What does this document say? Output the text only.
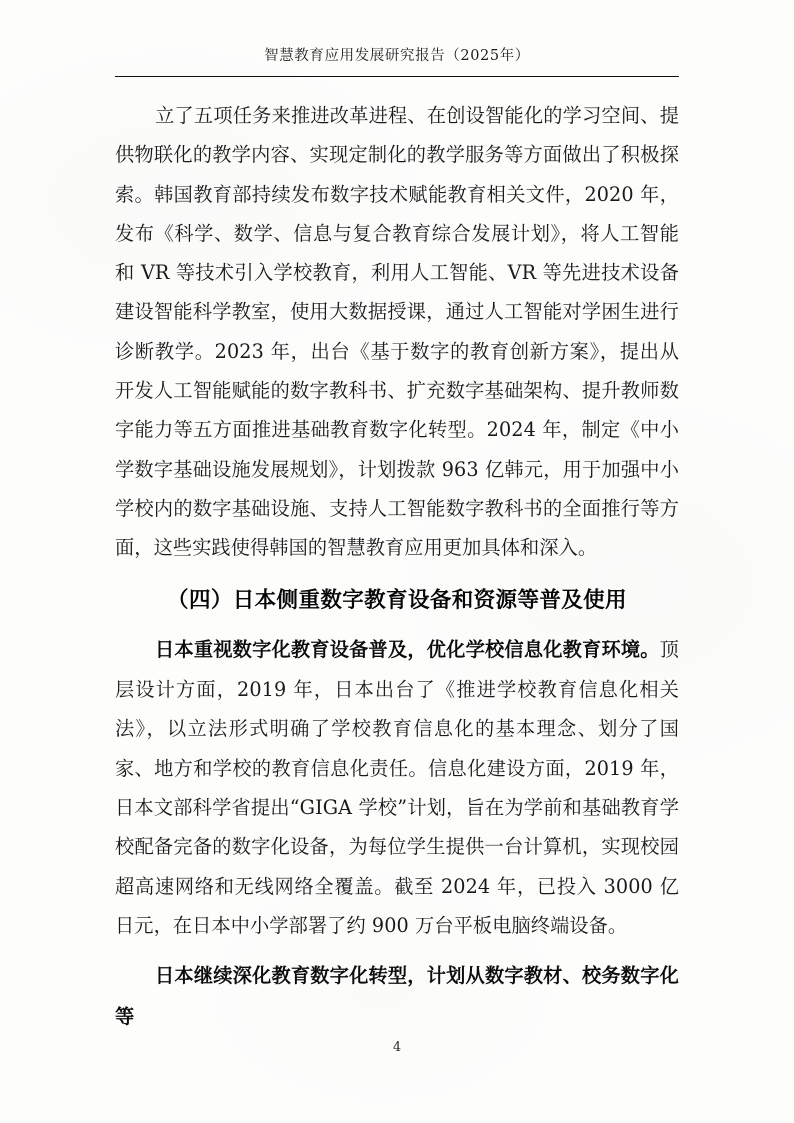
智慧教育应用发展研究报告（2025年）

立了五项任务来推进改革进程、在创设智能化的学习空间、提供物联化的教学内容、实现定制化的教学服务等方面做出了积极探索。韩国教育部持续发布数字技术赋能教育相关文件，2020 年，发布《科学、数学、信息与复合教育综合发展计划》，将人工智能和 VR 等技术引入学校教育，利用人工智能、VR 等先进技术设备建设智能科学教室，使用大数据授课，通过人工智能对学困生进行诊断教学。2023 年，出台《基于数字的教育创新方案》，提出从开发人工智能赋能的数字教科书、扩充数字基础架构、提升教师数字能力等五方面推进基础教育数字化转型。2024 年，制定《中小学数字基础设施发展规划》，计划拨款 963 亿韩元，用于加强中小学校内的数字基础设施、支持人工智能数字教科书的全面推行等方面，这些实践使得韩国的智慧教育应用更加具体和深入。

（四）日本侧重数字教育设备和资源等普及使用

日本重视数字化教育设备普及，优化学校信息化教育环境。顶层设计方面，2019 年，日本出台了《推进学校教育信息化相关法》，以立法形式明确了学校教育信息化的基本理念、划分了国家、地方和学校的教育信息化责任。信息化建设方面，2019 年，日本文部科学省提出“GIGA 学校”计划，旨在为学前和基础教育学校配备完备的数字化设备，为每位学生提供一台计算机，实现校园超高速网络和无线网络全覆盖。截至 2024 年，已投入 3000 亿日元，在日本中小学部署了约 900 万台平板电脑终端设备。

日本继续深化教育数字化转型，计划从数字教材、校务数字化等

4
